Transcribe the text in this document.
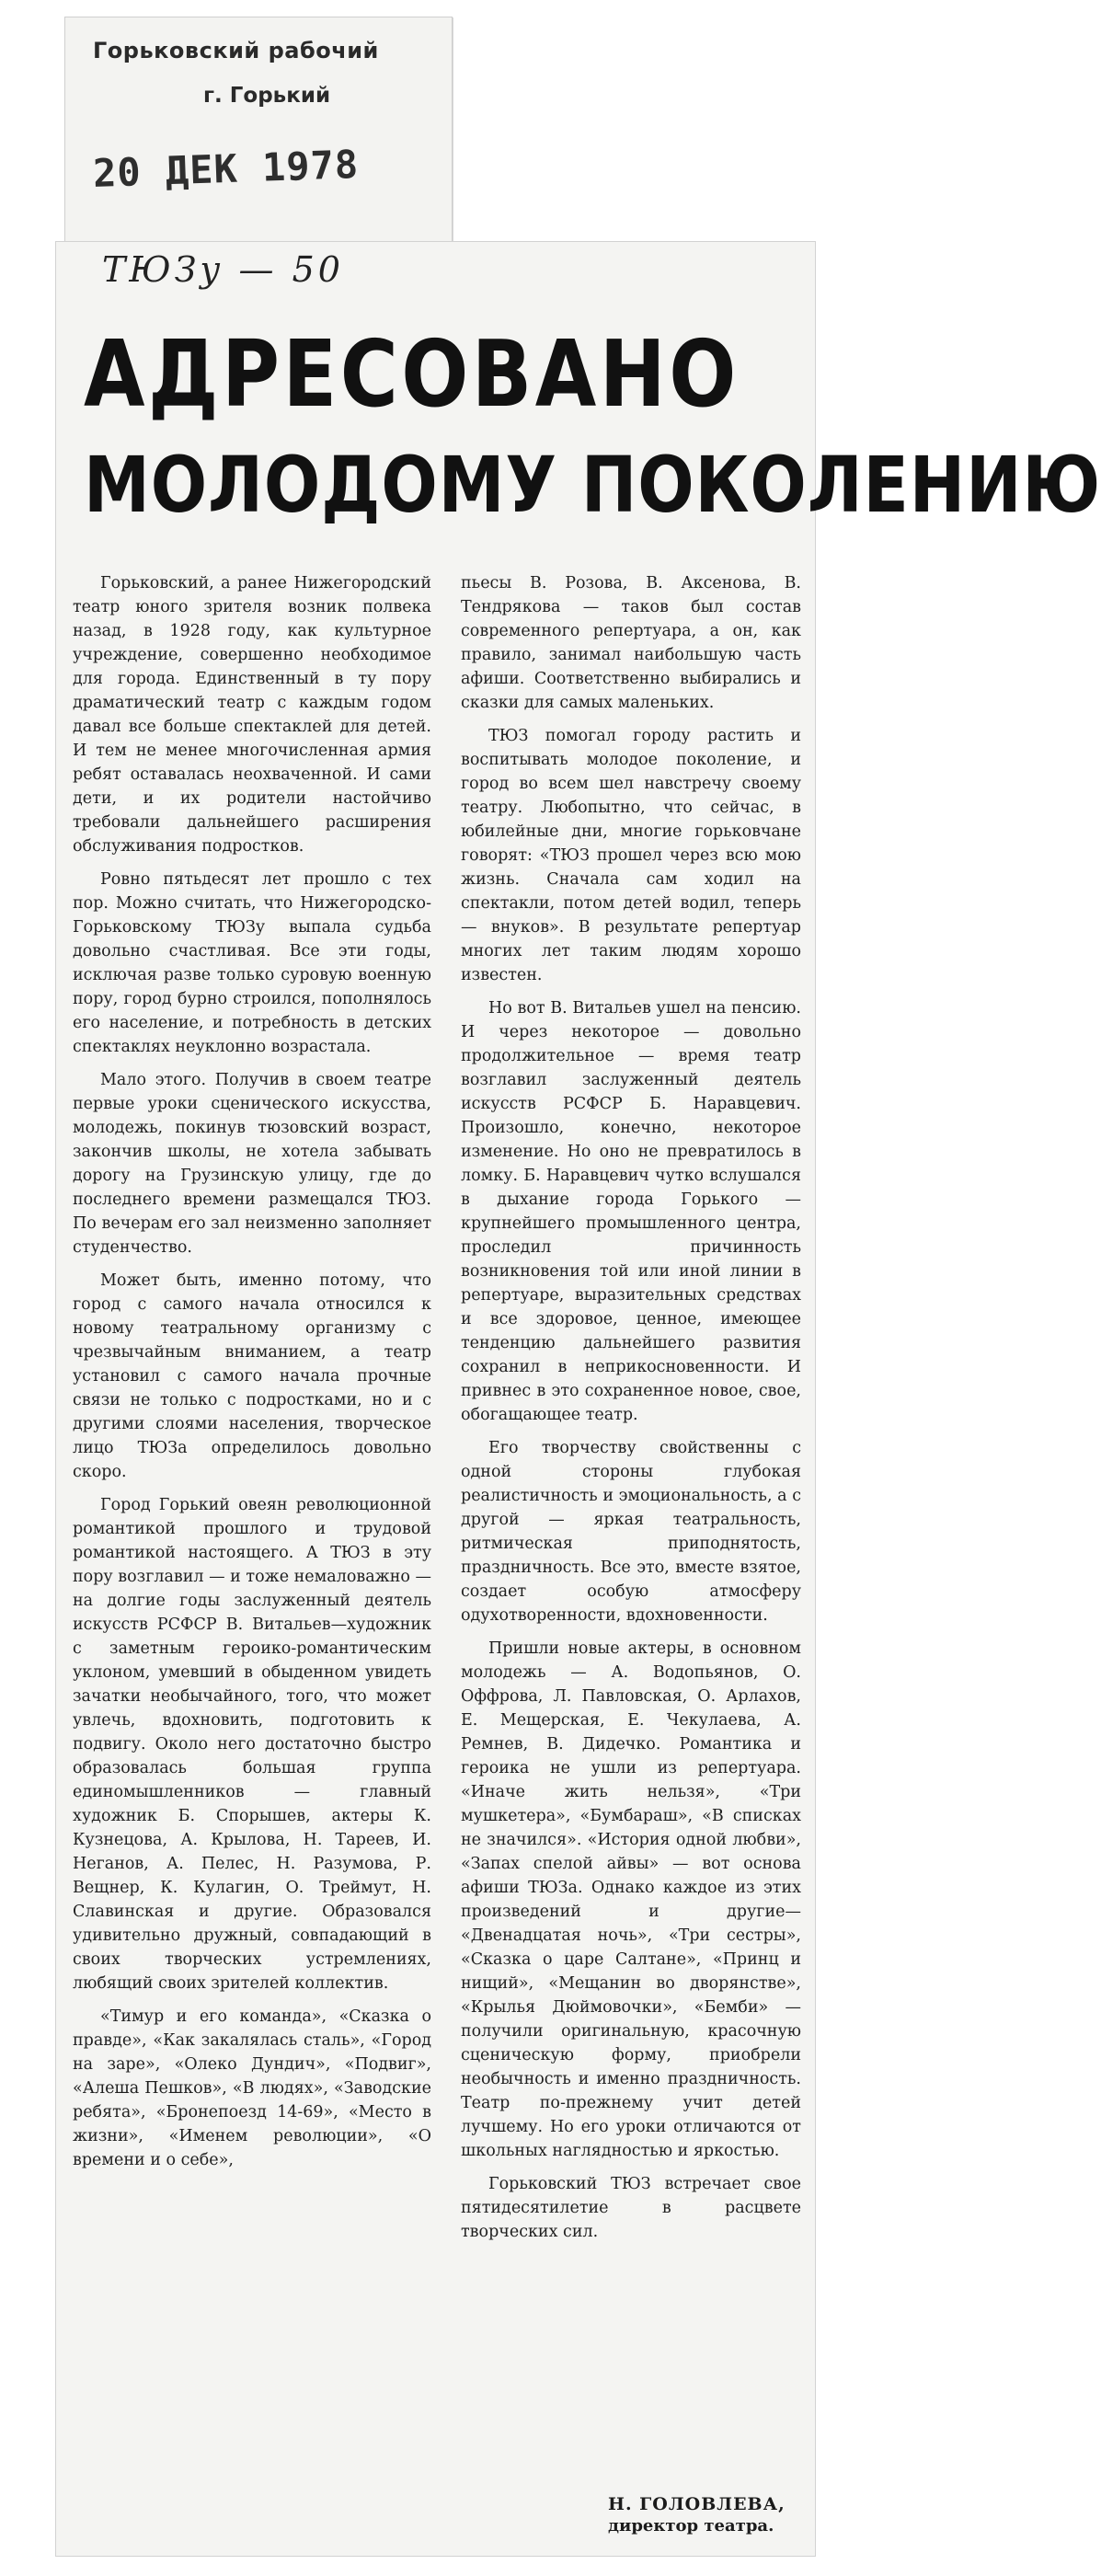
Горьковский рабочий
г. Горький
20 ДЕК 1978
ТЮЗу — 50
АДРЕСОВАНО
МОЛОДОМУ ПОКОЛЕНИЮ

Горьковский, а ранее Нижегородский театр юного зрителя возник полвека назад, в 1928 году, как культурное учреждение, совершенно необходимое для города. Единственный в ту пору драматический театр с каждым годом давал все больше спектаклей для детей. И тем не менее многочисленная армия ребят оставалась неохваченной. И сами дети, и их родители настойчиво требовали дальнейшего расширения обслуживания подростков.

Ровно пятьдесят лет прошло с тех пор. Можно считать, что Нижегородско-Горьковскому ТЮЗу выпала судьба довольно счастливая. Все эти годы, исключая разве только суровую военную пору, город бурно строился, пополнялось его население, и потребность в детских спектаклях неуклонно возрастала.

Мало этого. Получив в своем театре первые уроки сценического искусства, молодежь, покинув тюзовский возраст, закончив школы, не хотела забывать дорогу на Грузинскую улицу, где до последнего времени размещался ТЮЗ. По вечерам его зал неизменно заполняет студенчество.

Может быть, именно потому, что город с самого начала относился к новому театральному организму с чрезвычайным вниманием, а театр установил с самого начала прочные связи не только с подростками, но и с другими слоями населения, творческое лицо ТЮЗа определилось довольно скоро.

Город Горький овеян революционной романтикой прошлого и трудовой романтикой настоящего. А ТЮЗ в эту пору возглавил — и тоже немаловажно — на долгие годы заслуженный деятель искусств РСФСР В. Витальев—художник с заметным героико-романтическим уклоном, умевший в обыденном увидеть зачатки необычайного, того, что может увлечь, вдохновить, подготовить к подвигу. Около него достаточно быстро образовалась большая группа единомышленников — главный художник Б. Спорышев, актеры К. Кузнецова, А. Крылова, Н. Тареев, И. Неганов, А. Пелес, Н. Разумова, Р. Вещнер, К. Кулагин, О. Треймут, Н. Славинская и другие. Образовался удивительно дружный, совпадающий в своих творческих устремлениях, любящий своих зрителей коллектив.

«Тимур и его команда», «Сказка о правде», «Как закалялась сталь», «Город на заре», «Олеко Дундич», «Подвиг», «Алеша Пешков», «В людях», «Заводские ребята», «Бронепоезд 14-69», «Место в жизни», «Именем революции», «О времени и о себе»,

пьесы В. Розова, В. Аксенова, В. Тендрякова — таков был состав современного репертуара, а он, как правило, занимал наибольшую часть афиши. Соответственно выбирались и сказки для самых маленьких.

ТЮЗ помогал городу растить и воспитывать молодое поколение, и город во всем шел навстречу своему театру. Любопытно, что сейчас, в юбилейные дни, многие горьковчане говорят: «ТЮЗ прошел через всю мою жизнь. Сначала сам ходил на спектакли, потом детей водил, теперь — внуков». В результате репертуар многих лет таким людям хорошо известен.

Но вот В. Витальев ушел на пенсию. И через некоторое — довольно продолжительное — время театр возглавил заслуженный деятель искусств РСФСР Б. Наравцевич. Произошло, конечно, некоторое изменение. Но оно не превратилось в ломку. Б. Наравцевич чутко вслушался в дыхание города Горького — крупнейшего промышленного центра, проследил причинность возникновения той или иной линии в репертуаре, выразительных средствах и все здоровое, ценное, имеющее тенденцию дальнейшего развития сохранил в неприкосновенности. И привнес в это сохраненное новое, свое, обогащающее театр.

Его творчеству свойственны с одной стороны глубокая реалистичность и эмоциональность, а с другой — яркая театральность, ритмическая приподнятость, праздничность. Все это, вместе взятое, создает особую атмосферу одухотворенности, вдохновенности.

Пришли новые актеры, в основном молодежь — А. Водопьянов, О. Оффрова, Л. Павловская, О. Арлахов, Е. Мещерская, Е. Чекулаева, А. Ремнев, В. Дидечко. Романтика и героика не ушли из репертуара. «Иначе жить нельзя», «Три мушкетера», «Бумбараш», «В списках не значился». «История одной любви», «Запах спелой айвы» — вот основа афиши ТЮЗа. Однако каждое из этих произведений и другие— «Двенадцатая ночь», «Три сестры», «Сказка о царе Салтане», «Принц и нищий», «Мещанин во дворянстве», «Крылья Дюймовочки», «Бемби» — получили оригинальную, красочную сценическую форму, приобрели необычность и именно праздничность. Театр по-прежнему учит детей лучшему. Но его уроки отличаются от школьных наглядностью и яркостью.

Горьковский ТЮЗ встречает свое пятидесятилетие в расцвете творческих сил.

Н. ГОЛОВЛЕВА,
директор театра.
